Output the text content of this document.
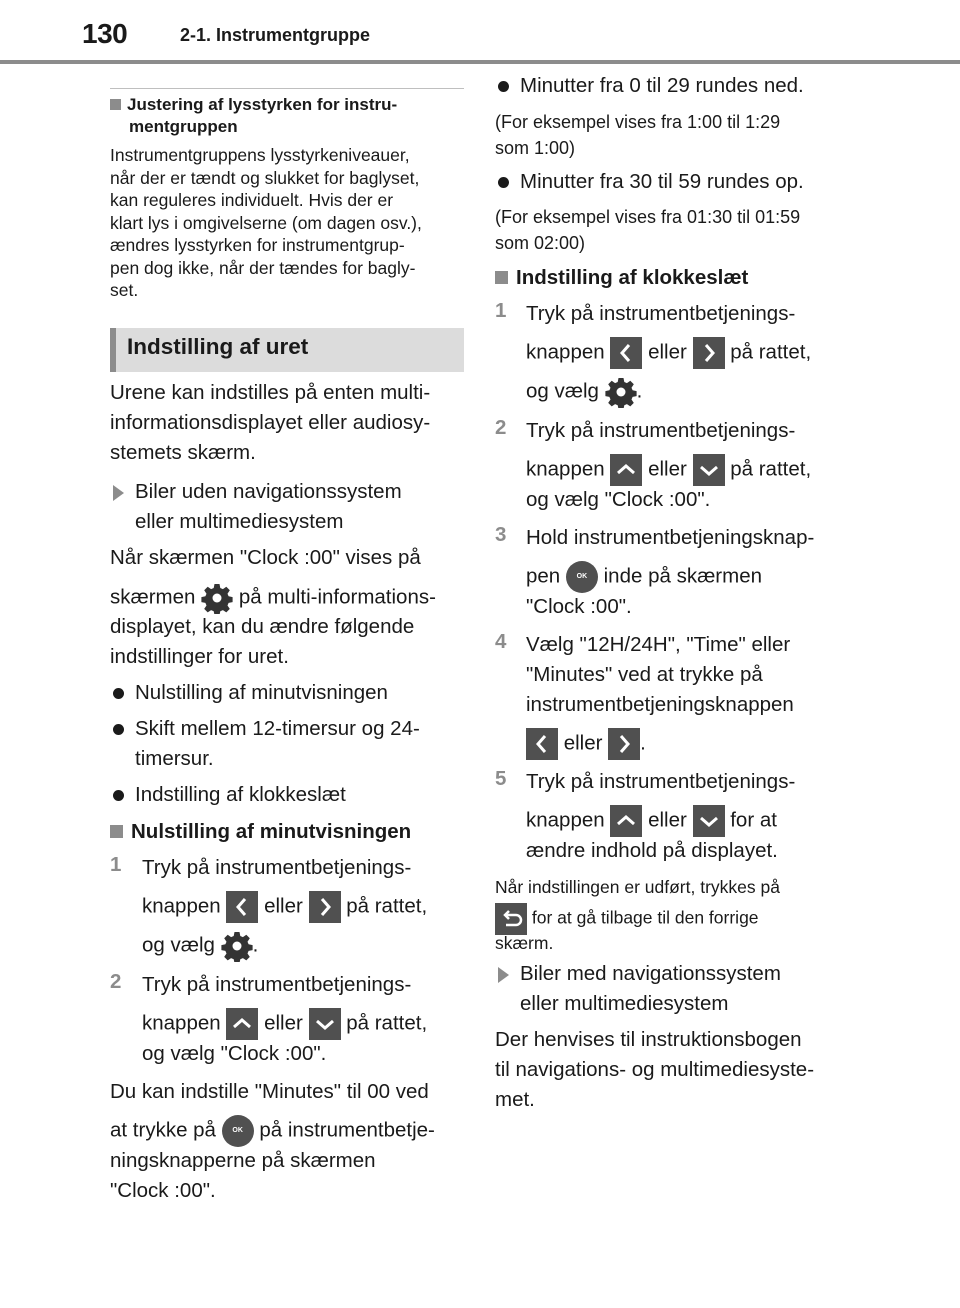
130	2-1. Instrumentgruppe
Justering af lysstyrken for instru-
mentgruppen
Instrumentgruppens lysstyrkeniveauer,
når der er tændt og slukket for baglyset,
kan reguleres individuelt. Hvis der er
klart lys i omgivelserne (om dagen osv.),
ændres lysstyrken for instrumentgrup-
pen dog ikke, når der tændes for bagly-
set.
Indstilling af uret
Urene kan indstilles på enten multi-
informationsdisplayet eller audiosy-
stemets skærm.
Biler uden navigationssystem
eller multimediesystem
Når skærmen "Clock :00" vises på
skærmen på multi-informations-
displayet, kan du ændre følgende
indstillinger for uret.
Nulstilling af minutvisningen
Skift mellem 12-timersur og 24-
timersur.
Indstilling af klokkeslæt
Nulstilling af minutvisningen
1 Tryk på instrumentbetjenings-
knappen eller på rattet,
og vælg .
2 Tryk på instrumentbetjenings-
knappen eller på rattet,
og vælg "Clock :00".
Du kan indstille "Minutes" til 00 ved
at trykke på OK på instrumentbetje-
ningsknapperne på skærmen
"Clock :00".
Minutter fra 0 til 29 rundes ned.
(For eksempel vises fra 1:00 til 1:29
som 1:00)
Minutter fra 30 til 59 rundes op.
(For eksempel vises fra 01:30 til 01:59
som 02:00)
Indstilling af klokkeslæt
1 Tryk på instrumentbetjenings-
knappen eller på rattet,
og vælg .
2 Tryk på instrumentbetjenings-
knappen eller på rattet,
og vælg "Clock :00".
3 Hold instrumentbetjeningsknap-
pen OK inde på skærmen
"Clock :00".
4 Vælg "12H/24H", "Time" eller
"Minutes" ved at trykke på
instrumentbetjeningsknappen
eller .
5 Tryk på instrumentbetjenings-
knappen eller for at
ændre indhold på displayet.
Når indstillingen er udført, trykkes på
for at gå tilbage til den forrige
skærm.
Biler med navigationssystem
eller multimediesystem
Der henvises til instruktionsbogen
til navigations- og multimediesyste-
met.
